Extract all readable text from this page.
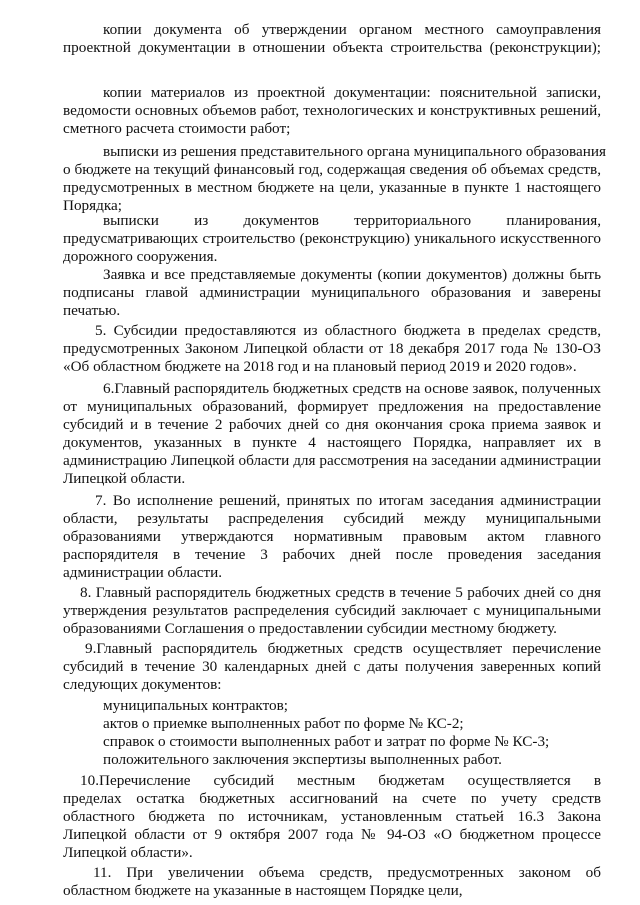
копии документа об утверждении органом местного самоуправления
проектной документации в отношении объекта строительства (реконструкции);
копии материалов из проектной документации: пояснительной записки,
ведомости основных объемов работ, технологических и конструктивных решений,
сметного расчета стоимости работ;
выписки из решения представительного органа муниципального образования
о бюджете на текущий финансовый год, содержащая сведения об объемах средств,
предусмотренных в местном бюджете на цели, указанные в пункте 1 настоящего
Порядка;
выписки из документов территориального планирования,
предусматривающих строительство (реконструкцию) уникального искусственного
дорожного сооружения.
Заявка и все представляемые документы (копии документов) должны быть
подписаны главой администрации муниципального образования и заверены
печатью.
5. Субсидии предоставляются из областного бюджета в пределах средств,
предусмотренных Законом Липецкой области от 18 декабря 2017 года № 130-ОЗ
«Об областном бюджете на 2018 год и на плановый период 2019 и 2020 годов».
6.Главный распорядитель бюджетных средств на основе заявок, полученных
от муниципальных образований, формирует предложения на предоставление
субсидий и в течение 2 рабочих дней со дня окончания срока приема заявок и
документов, указанных в пункте 4 настоящего Порядка, направляет их в
администрацию Липецкой области для рассмотрения на заседании администрации
Липецкой области.
7. Во исполнение решений, принятых по итогам заседания администрации
области, результаты распределения субсидий между муниципальными
образованиями утверждаются нормативным правовым актом главного
распорядителя в течение 3 рабочих дней после проведения заседания
администрации области.
8. Главный распорядитель бюджетных средств в течение 5 рабочих дней со дня
утверждения результатов распределения субсидий заключает с муниципальными
образованиями Соглашения о предоставлении субсидии местному бюджету.
9.Главный распорядитель бюджетных средств осуществляет перечисление
субсидий в течение 30 календарных дней с даты получения заверенных копий
следующих документов:
муниципальных контрактов;
актов о приемке выполненных работ по форме № КС-2;
справок о стоимости выполненных работ и затрат по форме № КС-3;
положительного заключения экспертизы выполненных работ.
10.Перечисление субсидий местным бюджетам осуществляется в
пределах остатка бюджетных ассигнований на счете по учету средств
областного бюджета по источникам, установленным статьей 16.3 Закона
Липецкой области от 9 октября 2007 года № 94-ОЗ «О бюджетном процессе
Липецкой области».
11. При увеличении объема средств, предусмотренных законом об
областном бюджете на указанные в настоящем Порядке цели,
